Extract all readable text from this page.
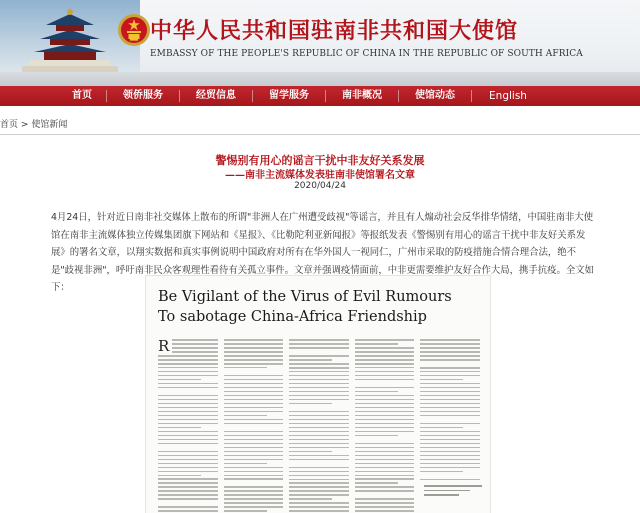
中华人民共和国驻南非共和国大使馆
EMBASSY OF THE PEOPLE'S REPUBLIC OF CHINA IN THE REPUBLIC OF SOUTH AFRICA
首页	领侨服务	经贸信息	留学服务	南非概况	使馆动态	English
首页 > 使馆新闻
警惕别有用心的谣言干扰中非友好关系发展
——南非主流媒体发表驻南非使馆署名文章
2020/04/24
4月24日，针对近日南非社交媒体上散布的所谓"非洲人在广州遭受歧视"等谣言，并且有人煽动社会反华排华情绪，中国驻南非大使馆在南非主流媒体独立传媒集团旗下网站和《星报》、《比勒陀利亚新闻报》等报纸发表《警惕别有用心的谣言干扰中非友好关系发展》的署名文章，以翔实数据和真实事例说明中国政府对所有在华外国人一视同仁，广州市采取的防疫措施合情合理合法，绝不是"歧视非洲"，呼吁南非民众客观理性看待有关孤立事件。文章并强调疫情面前，中非更需要维护友好合作大局，携手抗疫。全文如下：
Be Vigilant of the Virus of Evil Rumours
To sabotage China-Africa Friendship
R
